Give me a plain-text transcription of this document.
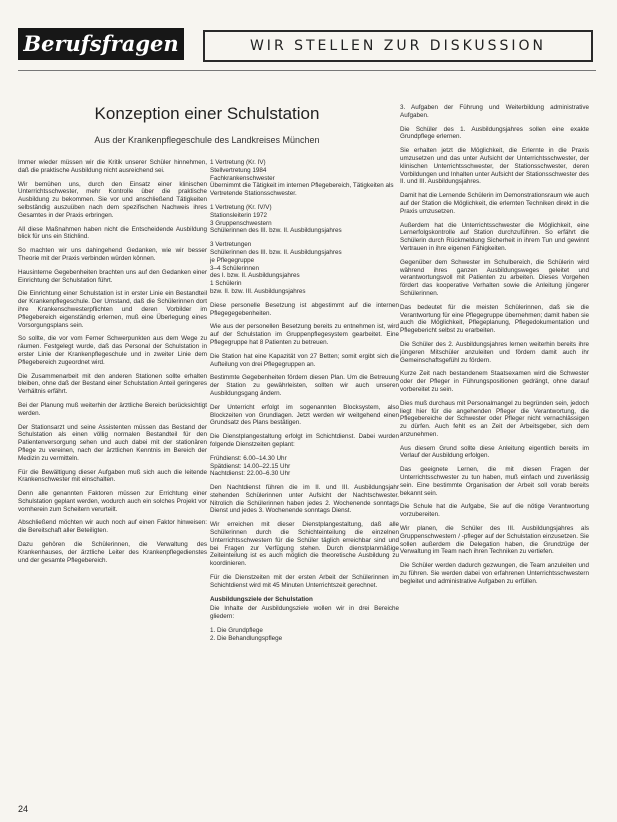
Berufsfragen	WIR STELLEN ZUR DISKUSSION
Konzeption einer Schulstation
Aus der Krankenpflegeschule des Landkreises München

Immer wieder müssen wir die Kritik unserer Schüler hinnehmen, daß die praktische Ausbildung nicht ausreichend sei.

Wir bemühen uns, durch den Einsatz einer klinischen Unterrichtsschwester, mehr Kontrolle über die praktische Ausbildung zu bekommen. Sie vor und anschließend Tätigkeiten selbständig auszuüben nach dem spezifischen Nachweis ihres Gesamtes in der Praxis erbringen.

All diese Maßnahmen haben nicht die Entscheidende Ausbildung blick für uns ein Stichlind.

So machten wir uns dahingehend Gedanken, wie wir besser Theorie mit der Praxis verbinden würden können.

Hausinterne Gegebenheiten brachten uns auf den Gedanken einer Einrichtung der Schulstation führt.

Die Einrichtung einer Schulstation ist in erster Linie ein Bestandteil der Krankenpflegeschule. Der Umstand, daß die Schülerinnen dort ihre Krankenschwesterpflichten und deren Vorbilder im Pflegebereich eigenständig erlernen, muß eine Überlegung eines Vorsorgungsplans sein.

So sollte, die vor vom Ferner Schwerpunkten aus dem Wege zu räumen. Festgelegt wurde, daß das Personal der Schulstation in erster Linie der Krankenpflegeschule und in zweiter Linie dem Pflegebereich zugeordnet wird.

Die Zusammenarbeit mit den anderen Stationen sollte erhalten bleiben, ohne daß der Bestand einer Schulstation Anteil geringeres Verhältnis erfährt.

Bei der Planung muß weiterhin der ärztliche Bereich berücksichtigt werden.

Der Stationsarzt und seine Assistenten müssen das Bestand der Schulstation als einen völlig normalen Bestandteil für den Patientenversorgung sehen und auch dabei mit der stationären Pflege zu vereinen, nach der ärztlichen Kenntnis im Bereich der Medizin zu vermitteln.

Für die Bewältigung dieser Aufgaben muß sich auch die leitende Krankenschwester mit einschalten.

Denn alle genannten Faktoren müssen zur Errichtung einer Schulstation geplant werden, wodurch auch ein solches Projekt vor vornherein zum Scheitern verurteilt.

Abschließend möchten wir auch noch auf einen Faktor hinweisen: die Bereitschaft aller Beteiligten.

Dazu gehören die Schülerinnen, die Verwaltung des Krankenhauses, der ärztliche Leiter des Krankenpflegedienstes und der gesamte Pflegebereich.

1 Vertretung (Kr. IV)
Stellvertretung 1984
Fachkrankenschwester
Übernimmt die Tätigkeit im internen Pflegebereich, Tätigkeiten als Vertretende Stationsschwester.

1 Vertretung (Kr. IV/V)
Stationsleiterin 1972
3 Gruppenschwestern
Schülerinnen des III. bzw. II. Ausbildungsjahres

3 Vertretungen
Schülerinnen des III. bzw. II. Ausbildungsjahres
je Pflegegruppe
3–4 Schülerinnen
des I. bzw. II. Ausbildungsjahres
1 Schülerin
bzw. II. bzw. III. Ausbildungsjahres

Diese personelle Besetzung ist abgestimmt auf die internen Pflegegegebenheiten.

Wie aus der personellen Besetzung bereits zu entnehmen ist, wird auf der Schulstation im Gruppenpflegesystem gearbeitet. Eine Pflegegruppe hat 8 Patienten zu betreuen.

Die Station hat eine Kapazität von 27 Betten; somit ergibt sich die Aufteilung von drei Pflegegruppen an.

Bestimmte Gegebenheiten fördern diesen Plan. Um die Betreuung der Station zu gewährleisten, sollten wir auch unseren Ausbildungsgang ändern.

Der Unterricht erfolgt im sogenannten Blocksystem, also Blockzeiten von Grundlagen. Jetzt werden wir weitgehend einen Grundsatz des Plans bestätigen.

Die Dienstplangestaltung erfolgt im Schichtdienst. Dabei wurden folgende Dienstzeiten geplant:

Frühdienst: 6.00–14.30 Uhr
Spätdienst: 14.00–22.15 Uhr
Nachtdienst: 22.00–6.30 Uhr

Den Nachtdienst führen die im II. und III. Ausbildungsjahr stehenden Schülerinnen unter Aufsicht der Nachtschwester. Nitrolich die Schülerinnen haben jedes 2. Wochenende sonntags Dienst und jedes 3. Wochenende sonntags Dienst.

Wir erreichen mit dieser Dienstplangestaltung, daß alle Schülerinnen durch die Schichteinteilung die einzelnen Unterrichtsschwestern für die Schüler täglich erreichbar sind und bei Fragen zur Verfügung stehen. Durch dienstplanmäßige Zeiteinteilung ist es auch möglich die theoretische Ausbildung zu koordinieren.

Für die Dienstzeiten mit der ersten Arbeit der Schülerinnen im Schichtdienst wird mit 45 Minuten Unterrichtszeit gerechnet.

Ausbildungsziele der Schulstation

Die Inhalte der Ausbildungsziele wollen wir in drei Bereiche gliedern:

1. Die Grundpflege
2. Die Behandlungspflege

3. Aufgaben der Führung und Weiterbildung administrative Aufgaben.

Die Schüler des 1. Ausbildungsjahres sollen eine exakte Grundpflege erlernen.

Sie erhalten jetzt die Möglichkeit, die Erlernte in die Praxis umzusetzen und das unter Aufsicht der Unterrichtsschwester, der klinischen Unterrichtsschwester, der Stationsschwester, deren Vorbildungen und Inhalten unter Aufsicht der Stationsschwester des II. und III. Ausbildungsjahres.

Damit hat die Lernende Schülerin im Demonstrationsraum wie auch auf der Station die Möglichkeit, die erlernten Techniken direkt in die Praxis umzusetzen.

Außerdem hat die Unterrichtsschwester die Möglichkeit, eine Lernerfolgskontrolle auf Station durchzuführen. So erfährt die Schülerin durch Rückmeldung Sicherheit in ihrem Tun und gewinnt Vertrauen in ihre eigenen Fähigkeiten.

Gegenüber dem Schwester im Schulbereich, die Schülerin wird während ihres ganzen Ausbildungsweges geleitet und verantwortungsvoll mit Patienten zu arbeiten. Dieses Vorgehen fördert das kooperative Verhalten sowie die Anleitung jüngerer Schülerinnen.

Das bedeutet für die meisten Schülerinnen, daß sie die Verantwortung für eine Pflegegruppe übernehmen; damit haben sie auch die Möglichkeit, Pflegeplanung, Pflegedokumentation und Pflegebericht selbst zu erarbeiten.

Die Schüler des 2. Ausbildungsjahres lernen weiterhin bereits ihre jüngeren Mitschüler anzuleiten und fördern damit auch ihr Gemeinschaftsgefühl zu fördern.

Kurze Zeit nach bestandenem Staatsexamen wird die Schwester oder der Pfleger in Führungspositionen gedrängt, ohne darauf vorbereitet zu sein.

Dies muß durchaus mit Personalmangel zu begründen sein, jedoch liegt hier für die angehenden Pfleger die Verantwortung, die Pflegebereiche der Schwester oder Pfleger nicht vernachlässigen zu dürfen. Auch fehlt es an Zeit der Arbeitsgeber, sich dem anzunehmen.

Aus diesem Grund sollte diese Anleitung eigentlich bereits im Verlauf der Ausbildung erfolgen.

Das geeignete Lernen, die mit diesen Fragen der Unterrichtsschwester zu tun haben, muß einfach und zuverlässig sein. Eine bestimmte Organisation der Arbeit soll vorab bereits bekannt sein.

Die Schule hat die Aufgabe, Sie auf die nötige Verantwortung vorzubereiten.

Wir planen, die Schüler des III. Ausbildungsjahres als Gruppenschwestern / -pfleger auf der Schulstation einzusetzen. Sie sollen außerdem die Delegation haben, die Grundzüge der Verwaltung im Team nach ihren Techniken zu vertiefen.

Die Schüler werden dadurch gezwungen, die Team anzuleiten und zu führen. Sie werden dabei von erfahrenen Unterrichtsschwestern begleitet und administrative Aufgaben zu erfüllen.

24
